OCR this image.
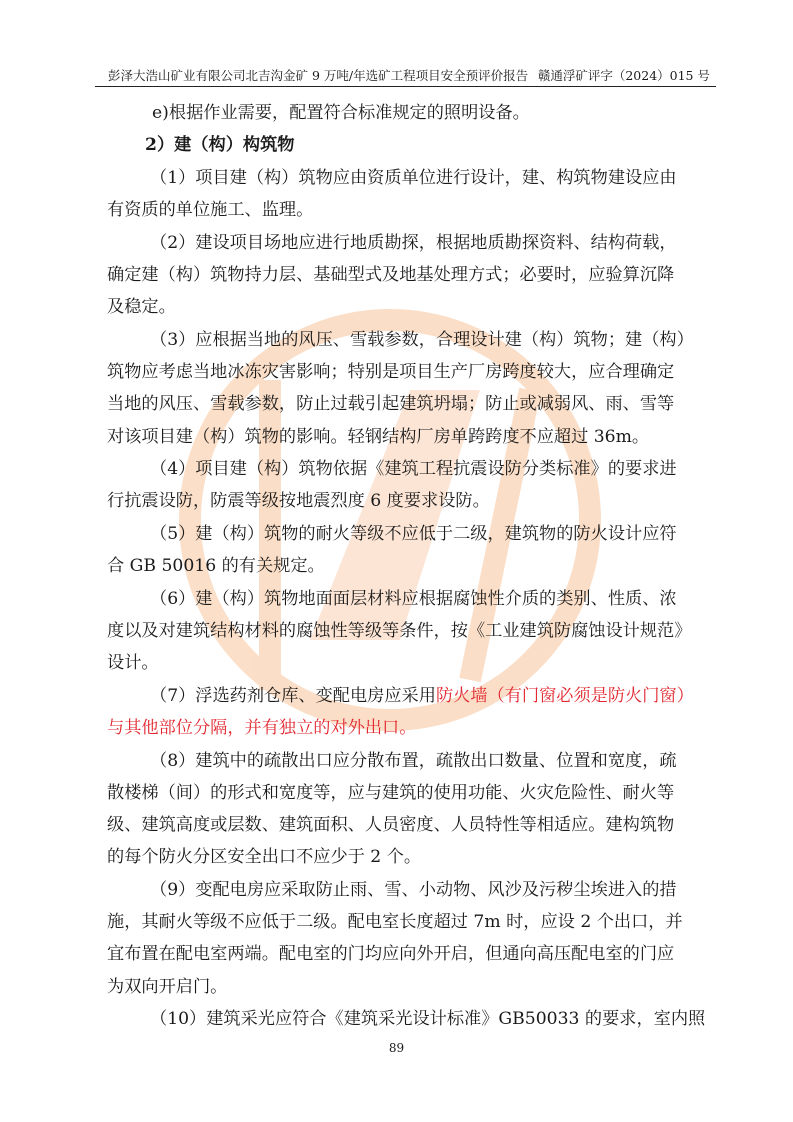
彭泽大浩山矿业有限公司北吉沟金矿 9 万吨/年选矿工程项目安全预评价报告 赣通浮矿评字（2024）015 号
e)根据作业需要，配置符合标准规定的照明设备。
2）建（构）构筑物
（1）项目建（构）筑物应由资质单位进行设计，建、构筑物建设应由
有资质的单位施工、监理。
（2）建设项目场地应进行地质勘探，根据地质勘探资料、结构荷载，
确定建（构）筑物持力层、基础型式及地基处理方式；必要时，应验算沉降
及稳定。
（3）应根据当地的风压、雪载参数，合理设计建（构）筑物；建（构）
筑物应考虑当地冰冻灾害影响；特别是项目生产厂房跨度较大，应合理确定
当地的风压、雪载参数，防止过载引起建筑坍塌；防止或减弱风、雨、雪等
对该项目建（构）筑物的影响。轻钢结构厂房单跨跨度不应超过 36m。
（4）项目建（构）筑物依据《建筑工程抗震设防分类标准》的要求进
行抗震设防，防震等级按地震烈度 6 度要求设防。
（5）建（构）筑物的耐火等级不应低于二级，建筑物的防火设计应符
合 GB 50016 的有关规定。
（6）建（构）筑物地面面层材料应根据腐蚀性介质的类别、性质、浓
度以及对建筑结构材料的腐蚀性等级等条件，按《工业建筑防腐蚀设计规范》
设计。
（7）浮选药剂仓库、变配电房应采用防火墙（有门窗必须是防火门窗）
与其他部位分隔，并有独立的对外出口。
（8）建筑中的疏散出口应分散布置，疏散出口数量、位置和宽度，疏
散楼梯（间）的形式和宽度等，应与建筑的使用功能、火灾危险性、耐火等
级、建筑高度或层数、建筑面积、人员密度、人员特性等相适应。建构筑物
的每个防火分区安全出口不应少于 2 个。
（9）变配电房应采取防止雨、雪、小动物、风沙及污秽尘埃进入的措
施，其耐火等级不应低于二级。配电室长度超过 7m 时，应设 2 个出口，并
宜布置在配电室两端。配电室的门均应向外开启，但通向高压配电室的门应
为双向开启门。
（10）建筑采光应符合《建筑采光设计标准》GB50033 的要求，室内照
89
